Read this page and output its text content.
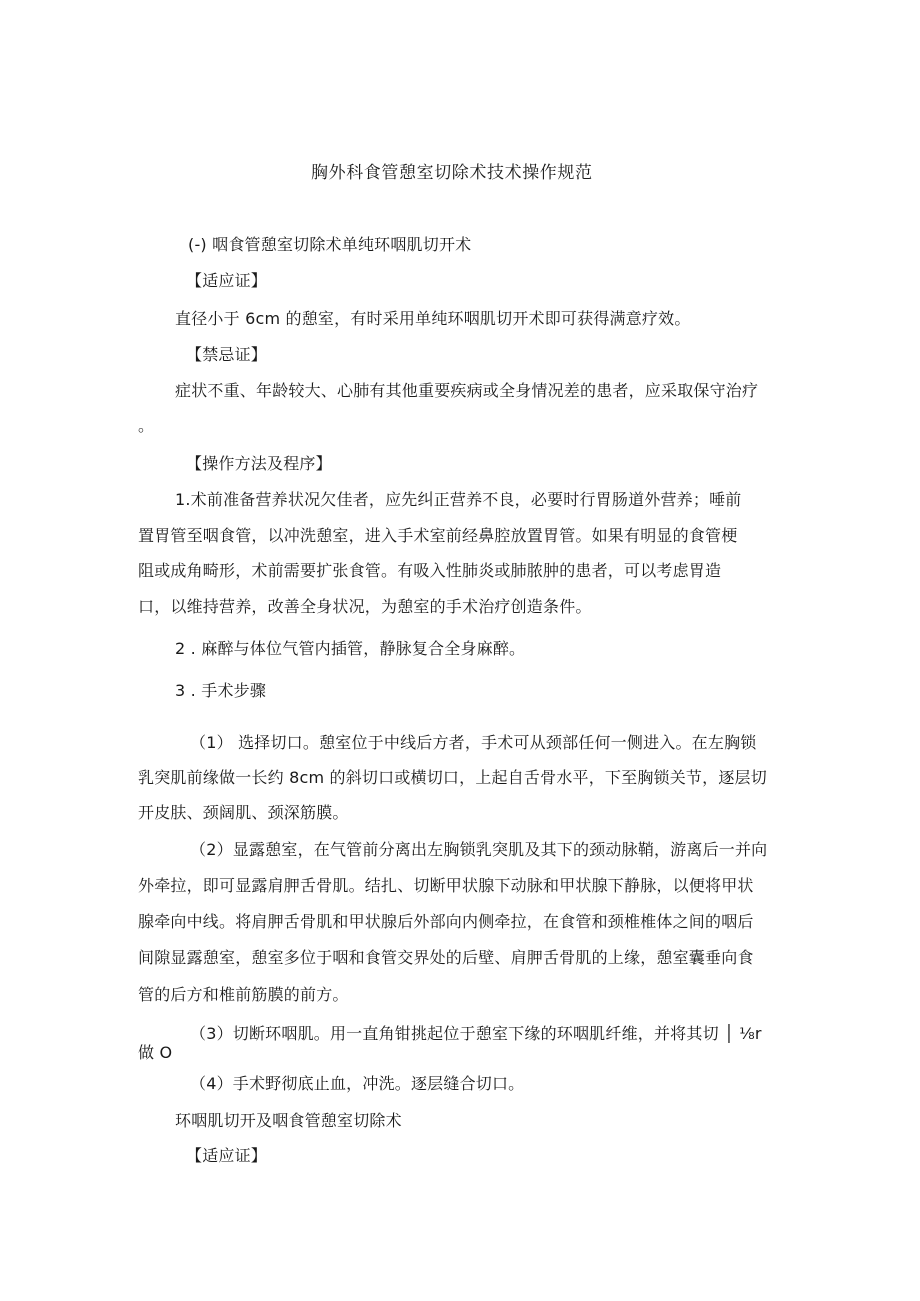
胸外科食管憩室切除术技术操作规范
(-) 咽食管憩室切除术单纯环咽肌切开术
【适应证】
直径小于 6cm 的憩室，有时采用单纯环咽肌切开术即可获得满意疗效。
【禁忌证】
症状不重、年龄较大、心肺有其他重要疾病或全身情况差的患者，应采取保守治疗
。
【操作方法及程序】
1.术前准备营养状况欠佳者，应先纠正营养不良，必要时行胃肠道外营养；唾前
置胃管至咽食管，以冲洗憩室，进入手术室前经鼻腔放置胃管。如果有明显的食管梗
阻或成角畸形，术前需要扩张食管。有吸入性肺炎或肺脓肿的患者，可以考虑胃造
口，以维持营养，改善全身状况，为憩室的手术治疗创造条件。
2 . 麻醉与体位气管内插管，静脉复合全身麻醉。
3 . 手术步骤
（1） 选择切口。憩室位于中线后方者，手术可从颈部任何一侧进入。在左胸锁
乳突肌前缘做一长约 8cm 的斜切口或横切口，上起自舌骨水平，下至胸锁关节，逐层切
开皮肤、颈阔肌、颈深筋膜。
（2）显露憩室，在气管前分离出左胸锁乳突肌及其下的颈动脉鞘，游离后一并向
外牵拉，即可显露肩胛舌骨肌。结扎、切断甲状腺下动脉和甲状腺下静脉，以便将甲状
腺牵向中线。将肩胛舌骨肌和甲状腺后外部向内侧牵拉，在食管和颈椎椎体之间的咽后
间隙显露憩室，憩室多位于咽和食管交界处的后壁、肩胛舌骨肌的上缘，憩室囊垂向食
管的后方和椎前筋膜的前方。
（3）切断环咽肌。用一直角钳挑起位于憩室下缘的环咽肌纤维，并将其切 │ ⅛r
做 O
（4）手术野彻底止血，冲洗。逐层缝合切口。
环咽肌切开及咽食管憩室切除术
【适应证】
